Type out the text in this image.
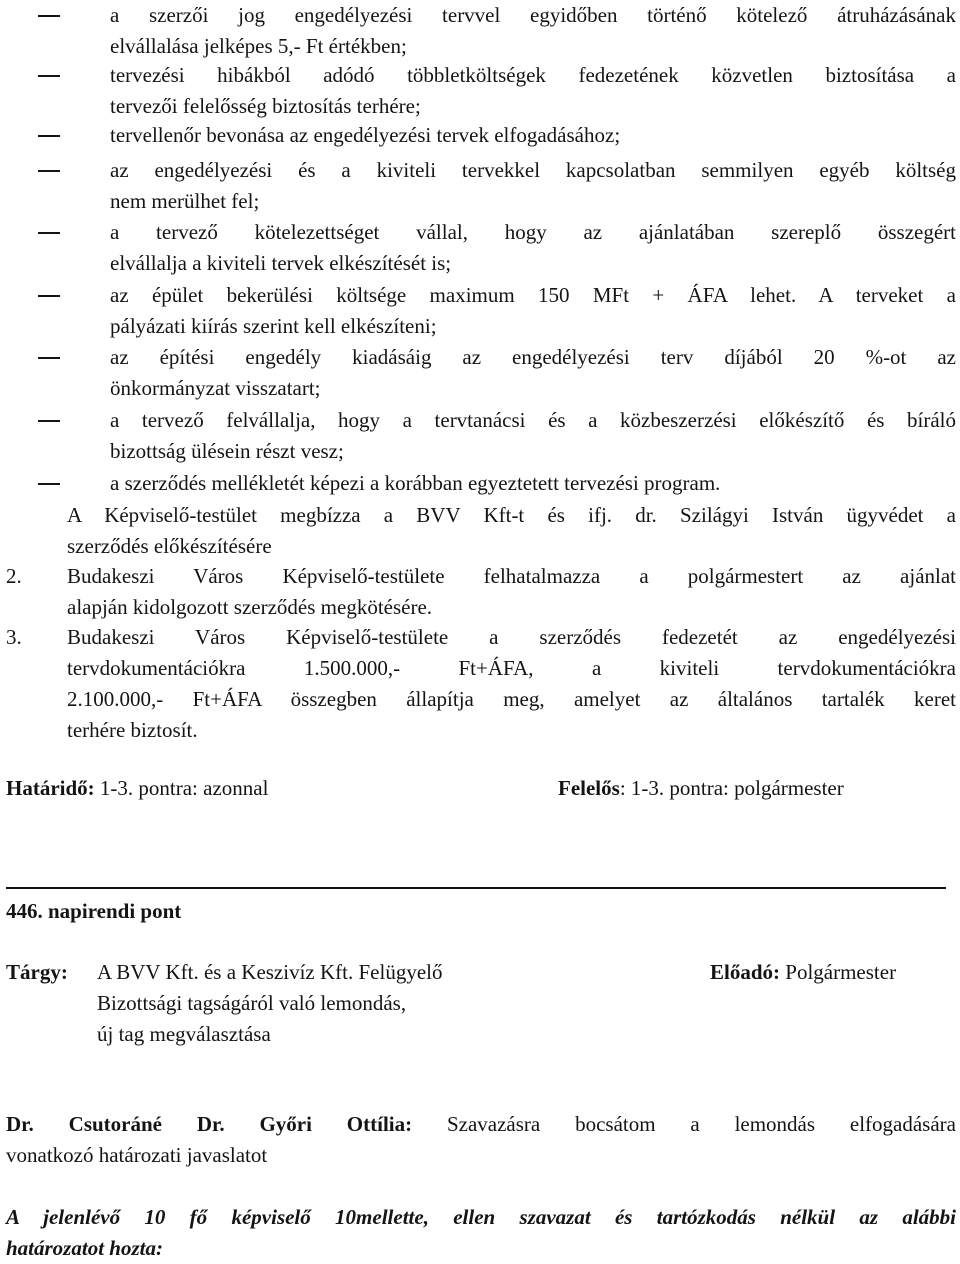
a szerzői jog engedélyezési tervvel egyidőben történő kötelező átruházásának
elvállalása jelképes 5,- Ft értékben;
tervezési hibákból adódó többletköltségek fedezetének közvetlen biztosítása a
tervezői felelősség biztosítás terhére;
tervellenőr bevonása az engedélyezési tervek elfogadásához;
az engedélyezési és a kiviteli tervekkel kapcsolatban semmilyen egyéb költség
nem merülhet fel;
a tervező kötelezettséget vállal, hogy az ajánlatában szereplő összegért
elvállalja a kiviteli tervek elkészítését is;
az épület bekerülési költsége maximum 150 MFt + ÁFA lehet. A terveket a
pályázati kiírás szerint kell elkészíteni;
az építési engedély kiadásáig az engedélyezési terv díjából 20 %-ot az
önkormányzat visszatart;
a tervező felvállalja, hogy a tervtanácsi és a közbeszerzési előkészítő és bíráló
bizottság ülésein részt vesz;
a szerződés mellékletét képezi a korábban egyeztetett tervezési program.
A Képviselő-testület megbízza a BVV Kft-t és ifj. dr. Szilágyi István ügyvédet a
szerződés előkészítésére
2. Budakeszi Város Képviselő-testülete felhatalmazza a polgármestert az ajánlat
alapján kidolgozott szerződés megkötésére.
3. Budakeszi Város Képviselő-testülete a szerződés fedezetét az engedélyezési
tervdokumentációkra 1.500.000,- Ft+ÁFA, a kiviteli tervdokumentációkra
2.100.000,- Ft+ÁFA összegben állapítja meg, amelyet az általános tartalék keret
terhére biztosít.
Határidő: 1-3. pontra: azonnal	Felelős: 1-3. pontra: polgármester
446. napirendi pont
Tárgy: A BVV Kft. és a Keszivíz Kft. Felügyelő
Bizottsági tagságáról való lemondás,
új tag megválasztása
Előadó: Polgármester
Dr. Csutoráné Dr. Győri Ottília: Szavazásra bocsátom a lemondás elfogadására
vonatkozó határozati javaslatot
A jelenlévő 10 fő képviselő 10mellette, ellen szavazat és tartózkodás nélkül az alábbi
határozatot hozta:
